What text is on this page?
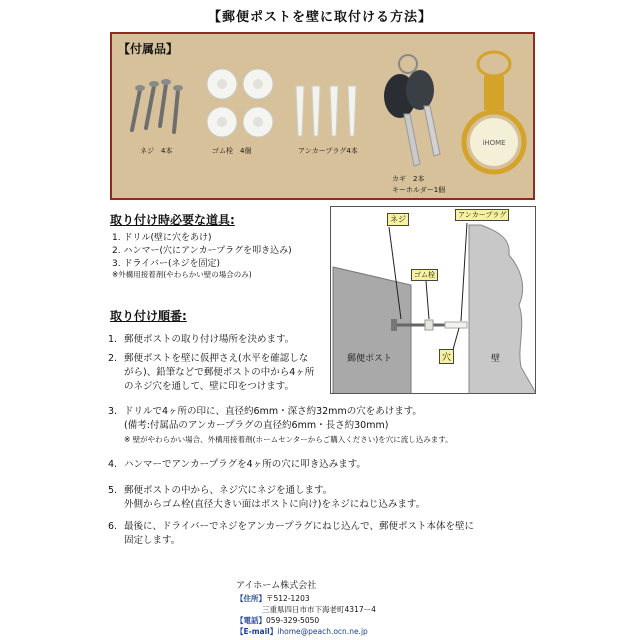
【郵便ポストを壁に取付ける方法】
【付属品】
ネジ　4本	ゴム栓　4個	アンカープラグ4本
iHOME
カギ　2本
キーホルダー1個
取り付け時必要な道具:
1. ドリル(壁に穴をあけ)
2. ハンマー(穴にアンカープラグを叩き込み)
3. ドライバー(ネジを固定)
※外構用接着剤(やわらかい壁の場合のみ)
ネジ	アンカープラグ
ゴム栓
郵便ポスト	穴	壁
取り付け順番:
1. 郵便ポストの取り付け場所を決めます。
2. 郵便ポストを壁に仮押さえ(水平を確認しな
がら)、鉛筆などで郵便ポストの中から4ヶ所
のネジ穴を通して、壁に印をつけます。
3. ドリルで4ヶ所の印に、直径約6mm・深さ約32mmの穴をあけます。
(備考:付属品のアンカープラグの直径約6mm・長さ約30mm)
※ 壁がやわらかい場合、外構用接着剤(ホームセンターからご購入ください)を穴に流し込みます。
4. ハンマーでアンカープラグを4ヶ所の穴に叩き込みます。
5. 郵便ポストの中から、ネジ穴にネジを通します。
外側からゴム栓(直径大きい面はポストに向け)をネジにねじ込みます。
6. 最後に、ドライバーでネジをアンカープラグにねじ込んで、郵便ポスト本体を壁に
固定します。
アイホーム株式会社
【住所】〒512-1203
三重県四日市市下海老町4317ー4
【電話】059-329-5050
【E-mail】ihome@peach.ocn.ne.jp
